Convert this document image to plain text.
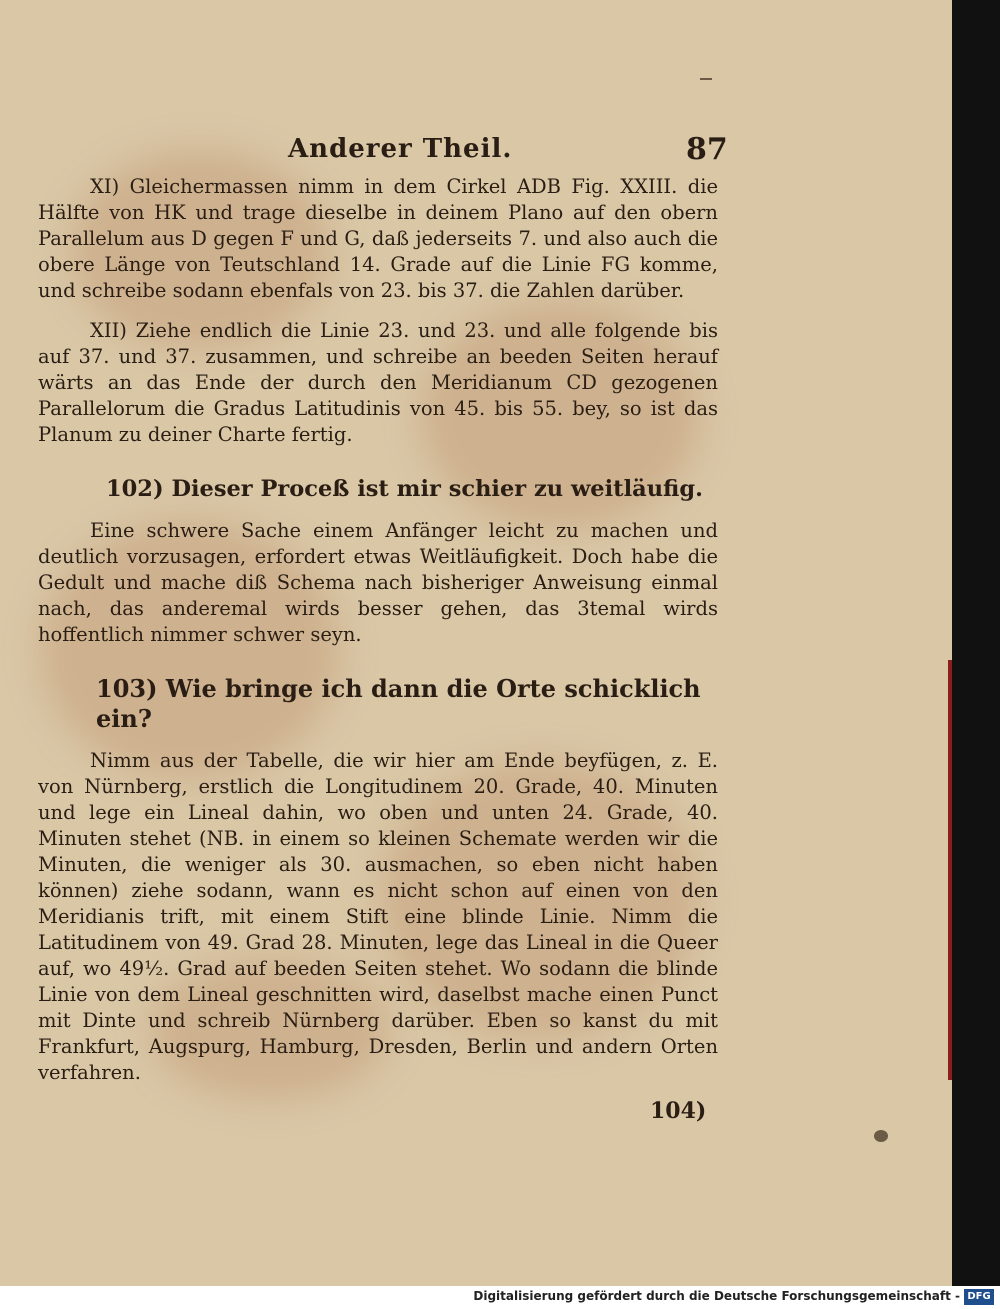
Anderer Theil.	87

XI) Gleichermassen nimm in dem Cirkel ADB Fig. XXIII. die Hälfte von HK und trage dieselbe in deinem Plano auf den obern Parallelum aus D gegen F und G, daß jederseits 7. und also auch die obere Länge von Teutschland 14. Grade auf die Linie FG komme, und schreibe sodann ebenfals von 23. bis 37. die Zahlen darüber.

XII) Ziehe endlich die Linie 23. und 23. und alle folgende bis auf 37. und 37. zusammen, und schreibe an beeden Seiten herauf wärts an das Ende der durch den Meridianum CD gezogenen Parallelorum die Gradus Latitudinis von 45. bis 55. bey, so ist das Planum zu deiner Charte fertig.

102) Dieser Proceß ist mir schier zu weitläufig.

Eine schwere Sache einem Anfänger leicht zu machen und deutlich vorzusagen, erfordert etwas Weitläufigkeit. Doch habe die Gedult und mache diß Schema nach bisheriger Anweisung einmal nach, das anderemal wirds besser gehen, das 3temal wirds hoffentlich nimmer schwer seyn.

103) Wie bringe ich dann die Orte schicklich ein?

Nimm aus der Tabelle, die wir hier am Ende beyfügen, z. E. von Nürnberg, erstlich die Longitudinem 20. Grade, 40. Minuten und lege ein Lineal dahin, wo oben und unten 24. Grade, 40. Minuten stehet (NB. in einem so kleinen Schemate werden wir die Minuten, die weniger als 30. ausmachen, so eben nicht haben können) ziehe sodann, wann es nicht schon auf einen von den Meridianis trift, mit einem Stift eine blinde Linie. Nimm die Latitudinem von 49. Grad 28. Minuten, lege das Lineal in die Queer auf, wo 49½. Grad auf beeden Seiten stehet. Wo sodann die blinde Linie von dem Lineal geschnitten wird, daselbst mache einen Punct mit Dinte und schreib Nürnberg darüber. Eben so kanst du mit Frankfurt, Augspurg, Hamburg, Dresden, Berlin und andern Orten verfahren.

104)
Digitalisierung gefördert durch die Deutsche Forschungsgemeinschaft - DFG
